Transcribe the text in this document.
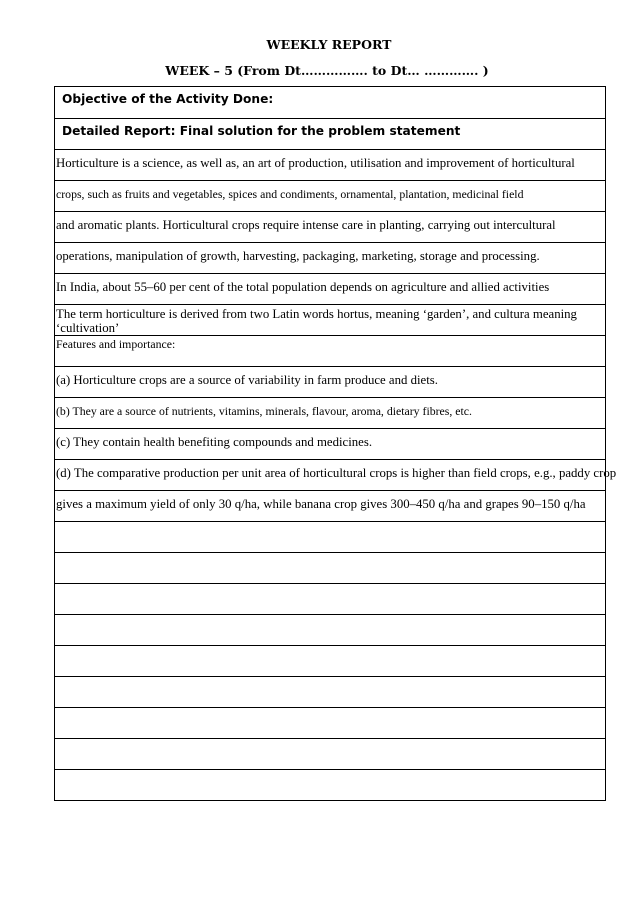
WEEKLY REPORT
WEEK – 5 (From Dt……………. to Dt… …………. )
Objective of the Activity Done:
Detailed Report: Final solution for the problem statement
Horticulture is a science, as well as, an art of production, utilisation and improvement of horticultural
crops, such as fruits and vegetables, spices and condiments, ornamental, plantation, medicinal field
and aromatic plants. Horticultural crops require intense care in planting, carrying out intercultural
operations, manipulation of growth, harvesting, packaging, marketing, storage and processing.
In India, about 55–60 per cent of the total population depends on agriculture and allied activities
The term horticulture is derived from two Latin words hortus, meaning ‘garden’, and cultura meaning ‘cultivation’
Features and importance:
(a) Horticulture crops are a source of variability in farm produce and diets.
(b) They are a source of nutrients, vitamins, minerals, flavour, aroma, dietary fibres, etc.
(c) They contain health benefiting compounds and medicines.
(d) The comparative production per unit area of horticultural crops is higher than field crops, e.g., paddy crop
gives a maximum yield of only 30 q/ha, while banana crop gives 300–450 q/ha and grapes 90–150 q/ha
